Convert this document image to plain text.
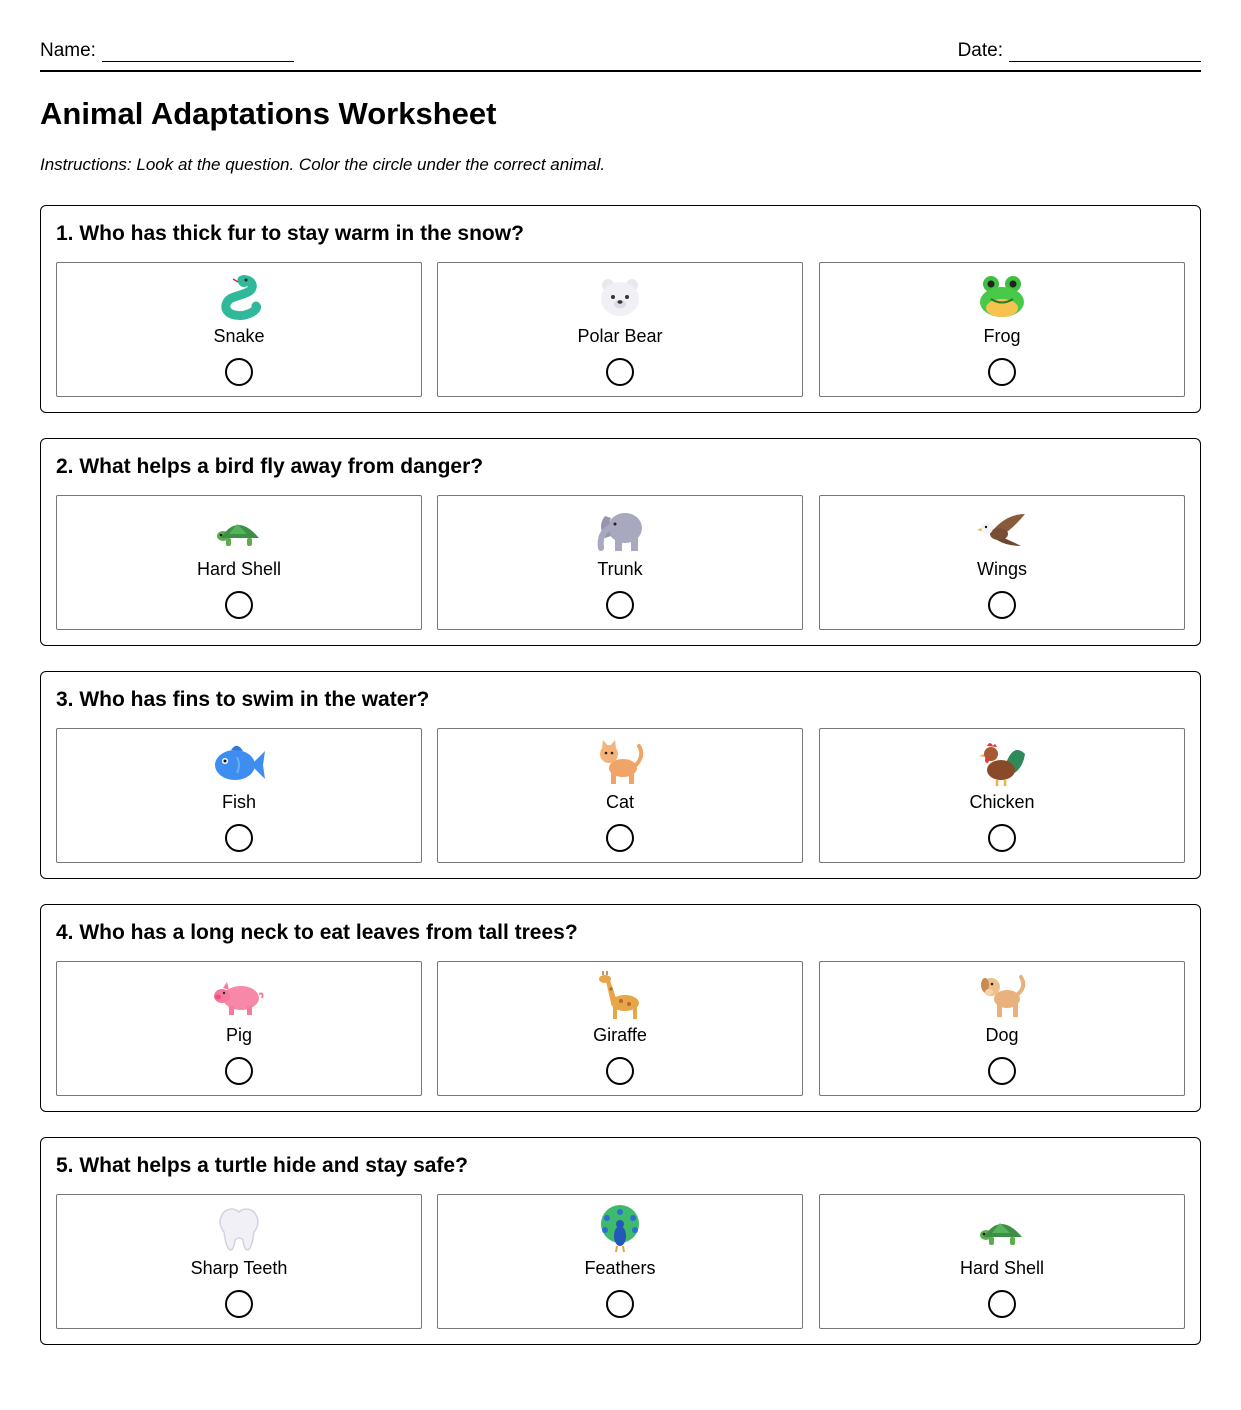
Name:	Date:
Animal Adaptations Worksheet
Instructions: Look at the question. Color the circle under the correct animal.
1. Who has thick fur to stay warm in the snow?
Snake	Polar Bear	Frog
2. What helps a bird fly away from danger?
Hard Shell	Trunk	Wings
3. Who has fins to swim in the water?
Fish	Cat	Chicken
4. Who has a long neck to eat leaves from tall trees?
Pig	Giraffe	Dog
5. What helps a turtle hide and stay safe?
Sharp Teeth	Feathers	Hard Shell
